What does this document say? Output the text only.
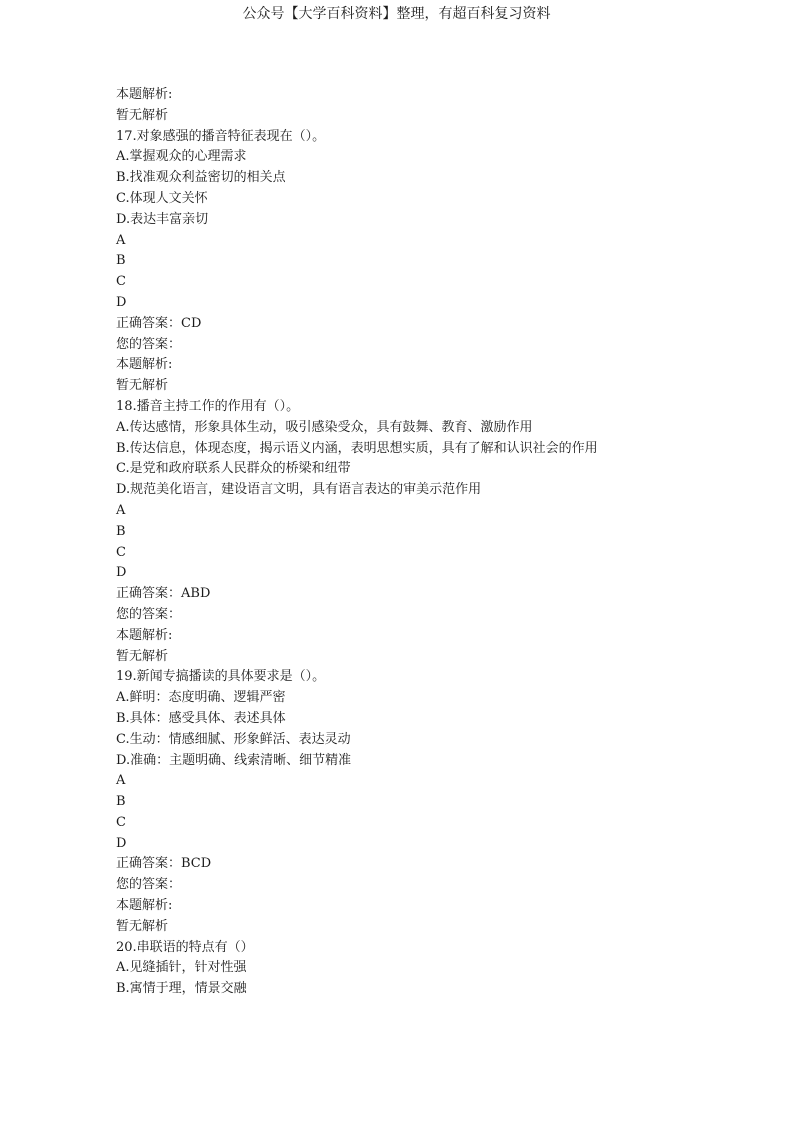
公众号【大学百科资料】整理，有超百科复习资料
本题解析:
暂无解析
17.对象感强的播音特征表现在（）。
A.掌握观众的心理需求
B.找准观众利益密切的相关点
C.体现人文关怀
D.表达丰富亲切
A
B
C
D
正确答案：CD
您的答案：
本题解析:
暂无解析
18.播音主持工作的作用有（）。
A.传达感情，形象具体生动，吸引感染受众，具有鼓舞、教育、激励作用
B.传达信息，体现态度，揭示语义内涵，表明思想实质，具有了解和认识社会的作用
C.是党和政府联系人民群众的桥梁和纽带
D.规范美化语言，建设语言文明，具有语言表达的审美示范作用
A
B
C
D
正确答案：ABD
您的答案：
本题解析:
暂无解析
19.新闻专搞播读的具体要求是（）。
A.鲜明：态度明确、逻辑严密
B.具体：感受具体、表述具体
C.生动：情感细腻、形象鲜活、表达灵动
D.准确：主题明确、线索清晰、细节精准
A
B
C
D
正确答案：BCD
您的答案：
本题解析:
暂无解析
20.串联语的特点有（）
A.见缝插针，针对性强
B.寓情于理，情景交融
